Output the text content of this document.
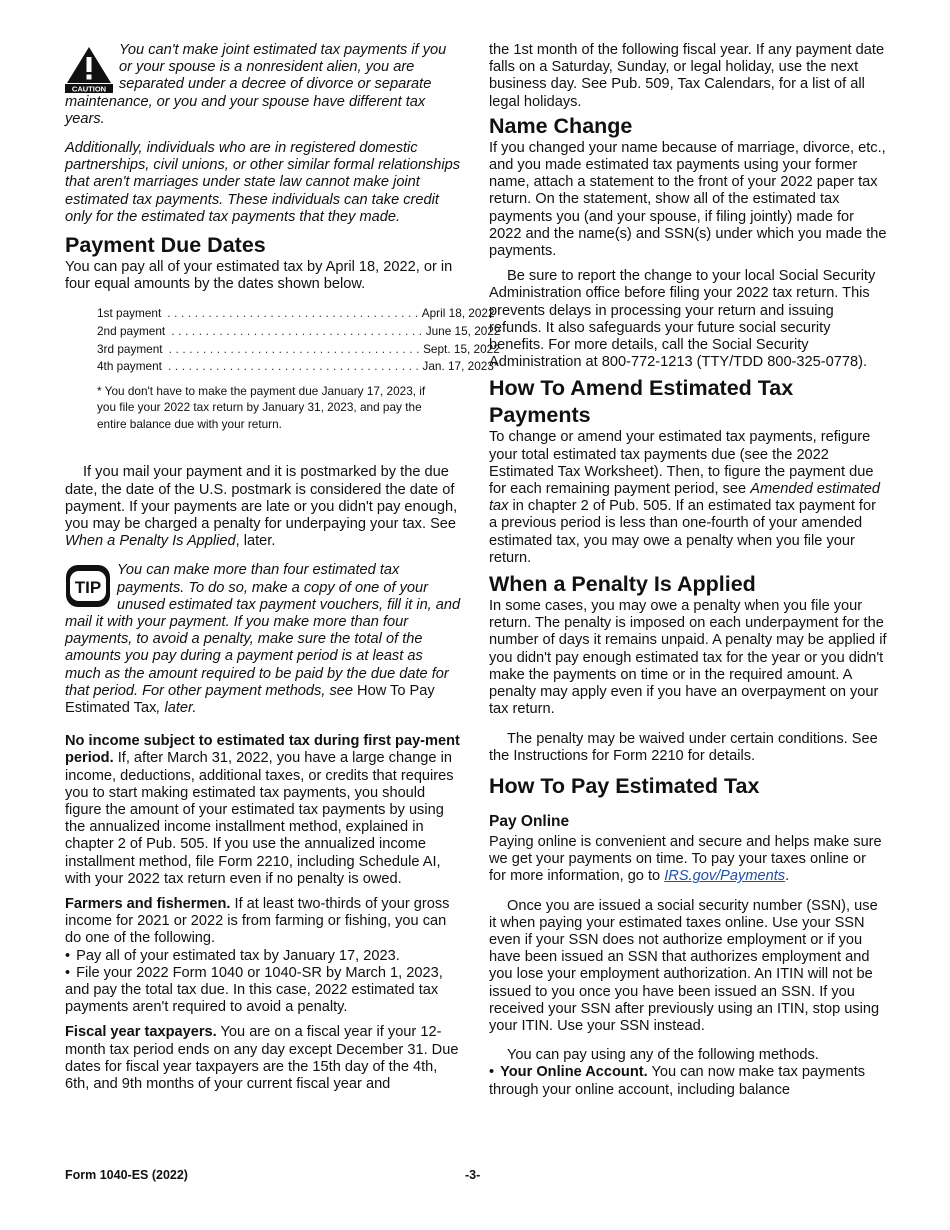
CAUTION

You can't make joint estimated tax payments if you or your spouse is a nonresident alien, you are separated under a decree of divorce or separate maintenance, or you and your spouse have different tax years.

Additionally, individuals who are in registered domestic partnerships, civil unions, or other similar formal relationships that aren't marriages under state law cannot make joint estimated tax payments. These individuals can take credit only for the estimated tax payments that they made.

Payment Due Dates

You can pay all of your estimated tax by April 18, 2022, or in four equal amounts by the dates shown below.

1st payment ..................................... April 18, 2022
2nd payment ..................................... June 15, 2022
3rd payment ..................................... Sept. 15, 2022
4th payment ..................................... Jan. 17, 2023*

* You don't have to make the payment due January 17, 2023, if you file your 2022 tax return by January 31, 2023, and pay the entire balance due with your return.

If you mail your payment and it is postmarked by the due date, the date of the U.S. postmark is considered the date of payment. If your payments are late or you didn't pay enough, you may be charged a penalty for underpaying your tax. See When a Penalty Is Applied, later.

TIP

You can make more than four estimated tax payments. To do so, make a copy of one of your unused estimated tax payment vouchers, fill it in, and mail it with your payment. If you make more than four payments, to avoid a penalty, make sure the total of the amounts you pay during a payment period is at least as much as the amount required to be paid by the due date for that period. For other payment methods, see How To Pay Estimated Tax, later.

No income subject to estimated tax during first pay-ment period. If, after March 31, 2022, you have a large change in income, deductions, additional taxes, or credits that requires you to start making estimated tax payments, you should figure the amount of your estimated tax payments by using the annualized income installment method, explained in chapter 2 of Pub. 505. If you use the annualized income installment method, file Form 2210, including Schedule AI, with your 2022 tax return even if no penalty is owed.

Farmers and fishermen. If at least two-thirds of your gross income for 2021 or 2022 is from farming or fishing, you can do one of the following.

• Pay all of your estimated tax by January 17, 2023.

• File your 2022 Form 1040 or 1040-SR by March 1, 2023, and pay the total tax due. In this case, 2022 estimated tax payments aren't required to avoid a penalty.

Fiscal year taxpayers. You are on a fiscal year if your 12-month tax period ends on any day except December 31. Due dates for fiscal year taxpayers are the 15th day of the 4th, 6th, and 9th months of your current fiscal year and

the 1st month of the following fiscal year. If any payment date falls on a Saturday, Sunday, or legal holiday, use the next business day. See Pub. 509, Tax Calendars, for a list of all legal holidays.

Name Change

If you changed your name because of marriage, divorce, etc., and you made estimated tax payments using your former name, attach a statement to the front of your 2022 paper tax return. On the statement, show all of the estimated tax payments you (and your spouse, if filing jointly) made for 2022 and the name(s) and SSN(s) under which you made the payments.

Be sure to report the change to your local Social Security Administration office before filing your 2022 tax return. This prevents delays in processing your return and issuing refunds. It also safeguards your future social security benefits. For more details, call the Social Security Administration at 800-772-1213 (TTY/TDD 800-325-0778).

How To Amend Estimated Tax Payments

To change or amend your estimated tax payments, refigure your total estimated tax payments due (see the 2022 Estimated Tax Worksheet). Then, to figure the payment due for each remaining payment period, see Amended estimated tax in chapter 2 of Pub. 505. If an estimated tax payment for a previous period is less than one-fourth of your amended estimated tax, you may owe a penalty when you file your return.

When a Penalty Is Applied

In some cases, you may owe a penalty when you file your return. The penalty is imposed on each underpayment for the number of days it remains unpaid. A penalty may be applied if you didn't pay enough estimated tax for the year or you didn't make the payments on time or in the required amount. A penalty may apply even if you have an overpayment on your tax return.

The penalty may be waived under certain conditions. See the Instructions for Form 2210 for details.

How To Pay Estimated Tax
Pay Online

Paying online is convenient and secure and helps make sure we get your payments on time. To pay your taxes online or for more information, go to IRS.gov/Payments.

Once you are issued a social security number (SSN), use it when paying your estimated taxes online. Use your SSN even if your SSN does not authorize employment or if you have been issued an SSN that authorizes employment and you lose your employment authorization. An ITIN will not be issued to you once you have been issued an SSN. If you received your SSN after previously using an ITIN, stop using your ITIN. Use your SSN instead.

You can pay using any of the following methods.

• Your Online Account. You can now make tax payments through your online account, including balance

Form 1040-ES (2022)	-3-
